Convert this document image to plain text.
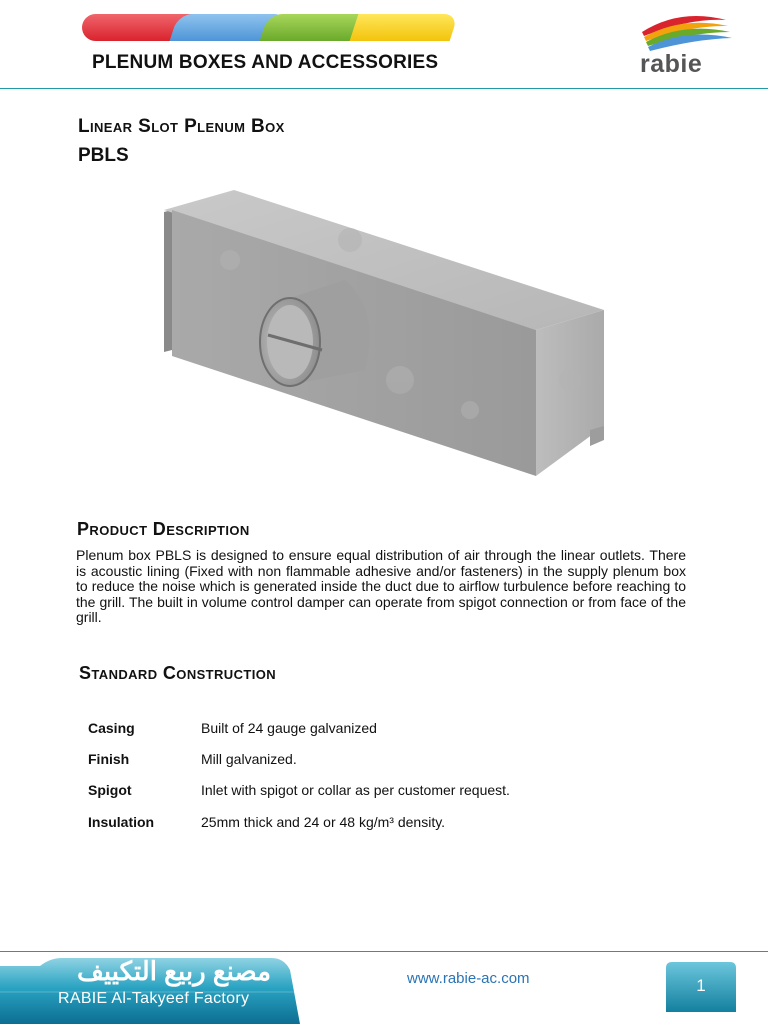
PLENUM BOXES AND ACCESSORIES	rabie
Linear Slot Plenum Box
PBLS
Product Description
Plenum box PBLS is designed to ensure equal distribution of air through the linear outlets. There is acoustic lining (Fixed with non flammable adhesive and/or fasteners) in the supply plenum box to reduce the noise which is generated inside the duct due to airflow turbulence before reaching to the grill. The built in volume control damper can operate from spigot connection or from face of the grill.
Standard Construction
Casing	Built of 24 gauge galvanized
Finish	Mill galvanized.
Spigot	Inlet with spigot or collar as per customer request.
Insulation	25mm thick and 24 or 48 kg/m³ density.
مصنع ربيع التكييف
RABIE Al-Takyeef Factory
www.rabie-ac.com	1
